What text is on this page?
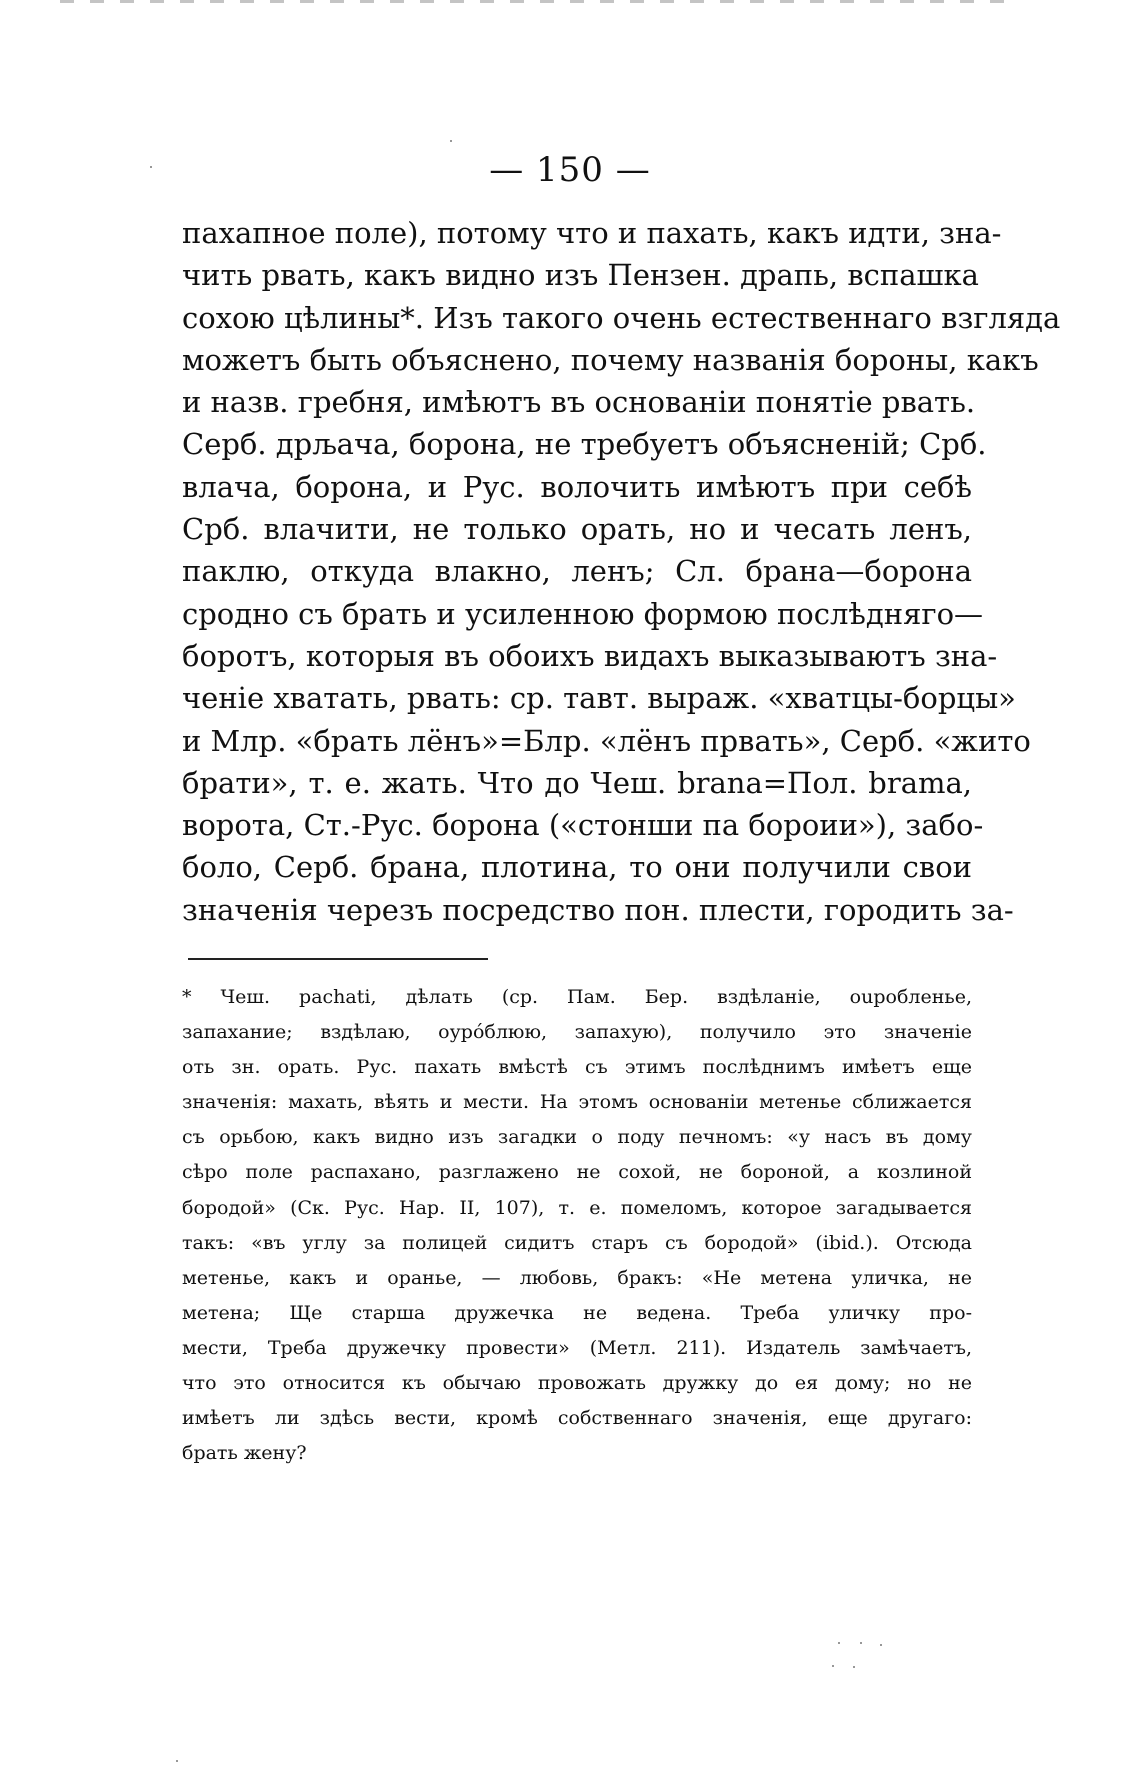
— 150 —
пахапное поле), потому что и пахать, какъ идти, зна-
чить рвать, какъ видно изъ Пензен. драпь, вспашка
сохою цѣлины*. Изъ такого очень естественнаго взгляда
можетъ быть объяснено, почему названія бороны, какъ
и назв. гребня, имѣютъ въ основаніи понятіе рвать.
Серб. дрљача, борона, не требуетъ объясненій; Срб.
влача, борона, и Рус. волочить имѣютъ при себѣ
Срб. влачити, не только орать, но и чесать ленъ,
паклю, откуда влакно, ленъ; Сл. брана—борона
сродно съ брать и усиленною формою послѣдняго—
боротъ, которыя въ обоихъ видахъ выказываютъ зна-
ченіе хватать, рвать: ср. тавт. выраж. «хватцы-борцы»
и Млр. «брать лёнъ»=Блр. «лёнъ првать», Серб. «жито
брати», т. е. жать. Что до Чеш. brana=Пол. brama,
ворота, Ст.-Рус. борона («стонши па бороии»), забо-
боло, Серб. брана, плотина, то они получили свои
значенія черезъ посредство пон. плести, городить за-
* Чеш. pachati, дѣлать (ср. Пам. Бер. вздѣланіе, ouробленье,
запахание; вздѣлаю, оурóблюю, запахую), получило это значеніе
оть зн. орать. Рус. пахать вмѣстѣ съ этимъ послѣднимъ имѣетъ еще
значенія: махать, вѣять и мести. На этомъ основаніи метенье сближается
съ орьбою, какъ видно изъ загадки о поду печномъ: «у насъ въ дому
сѣро поле распахано, разглажено не сохой, не бороной, а козлиной
бородой» (Ск. Рус. Нар. II, 107), т. е. помеломъ, которое загадывается
такъ: «въ углу за полицей сидитъ старъ съ бородой» (ibid.). Отсюда
метенье, какъ и оранье, — любовь, бракъ: «Не метена уличка, не
метена; Ще старша дружечка не ведена. Треба уличку про-
мести, Треба дружечку провести» (Метл. 211). Издатель замѣчаетъ,
что это относится къ обычаю провожать дружку до ея дому; но не
имѣетъ ли здѣсь вести, кромѣ собственнаго значенія, еще другаго:
брать жену?
